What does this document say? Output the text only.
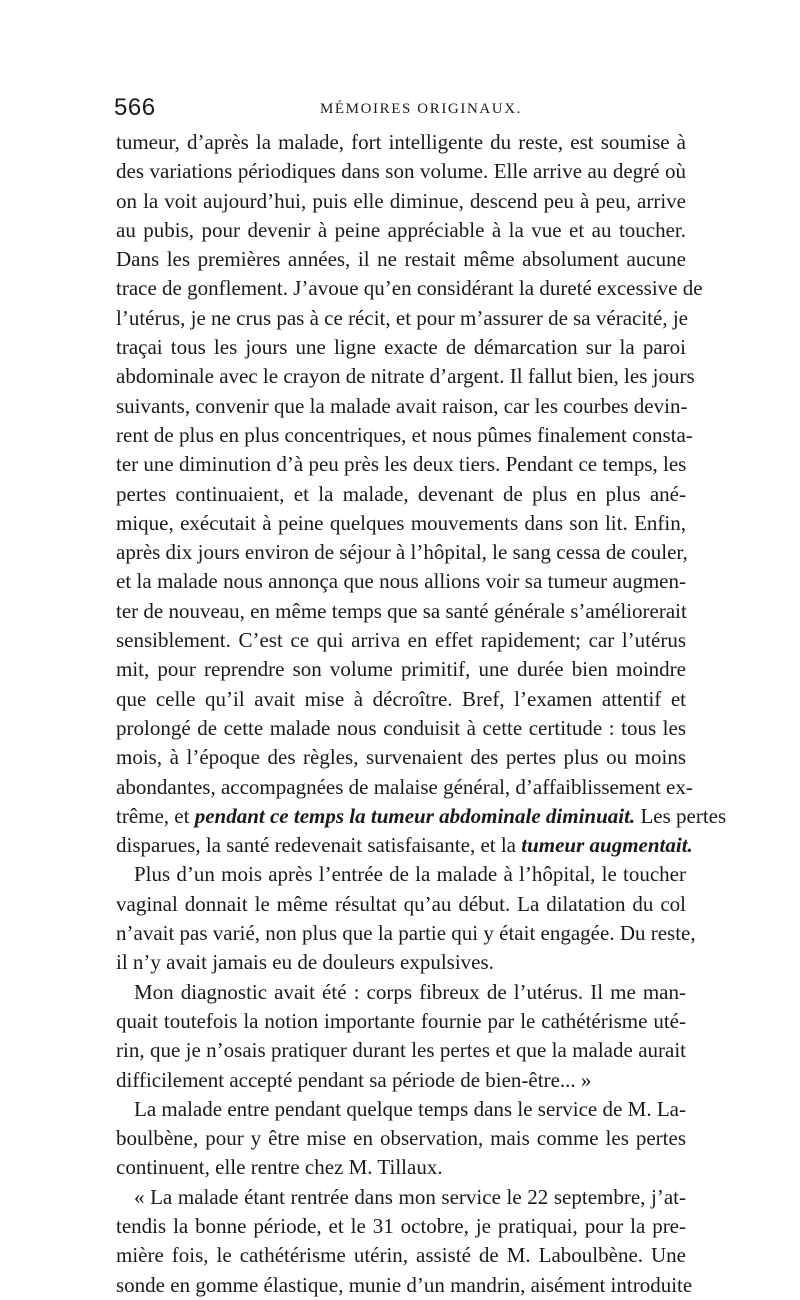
566	MÉMOIRES ORIGINAUX.
tumeur, d’après la malade, fort intelligente du reste, est soumise à
des variations périodiques dans son volume. Elle arrive au degré où
on la voit aujourd’hui, puis elle diminue, descend peu à peu, arrive
au pubis, pour devenir à peine appréciable à la vue et au toucher.
Dans les premières années, il ne restait même absolument aucune
trace de gonflement. J’avoue qu’en considérant la dureté excessive de
l’utérus, je ne crus pas à ce récit, et pour m’assurer de sa véracité, je
traçai tous les jours une ligne exacte de démarcation sur la paroi
abdominale avec le crayon de nitrate d’argent. Il fallut bien, les jours
suivants, convenir que la malade avait raison, car les courbes devin-
rent de plus en plus concentriques, et nous pûmes finalement consta-
ter une diminution d’à peu près les deux tiers. Pendant ce temps, les
pertes continuaient, et la malade, devenant de plus en plus ané-
mique, exécutait à peine quelques mouvements dans son lit. Enfin,
après dix jours environ de séjour à l’hôpital, le sang cessa de couler,
et la malade nous annonça que nous allions voir sa tumeur augmen-
ter de nouveau, en même temps que sa santé générale s’améliorerait
sensiblement. C’est ce qui arriva en effet rapidement; car l’utérus
mit, pour reprendre son volume primitif, une durée bien moindre
que celle qu’il avait mise à décroître. Bref, l’examen attentif et
prolongé de cette malade nous conduisit à cette certitude : tous les
mois, à l’époque des règles, survenaient des pertes plus ou moins
abondantes, accompagnées de malaise général, d’affaiblissement ex-
trême, et pendant ce temps la tumeur abdominale diminuait. Les pertes
disparues, la santé redevenait satisfaisante, et la tumeur augmentait.
Plus d’un mois après l’entrée de la malade à l’hôpital, le toucher
vaginal donnait le même résultat qu’au début. La dilatation du col
n’avait pas varié, non plus que la partie qui y était engagée. Du reste,
il n’y avait jamais eu de douleurs expulsives.
Mon diagnostic avait été : corps fibreux de l’utérus. Il me man-
quait toutefois la notion importante fournie par le cathétérisme uté-
rin, que je n’osais pratiquer durant les pertes et que la malade aurait
difficilement accepté pendant sa période de bien-être... »
La malade entre pendant quelque temps dans le service de M. La-
boulbène, pour y être mise en observation, mais comme les pertes
continuent, elle rentre chez M. Tillaux.
« La malade étant rentrée dans mon service le 22 septembre, j’at-
tendis la bonne période, et le 31 octobre, je pratiquai, pour la pre-
mière fois, le cathétérisme utérin, assisté de M. Laboulbène. Une
sonde en gomme élastique, munie d’un mandrin, aisément introduite
